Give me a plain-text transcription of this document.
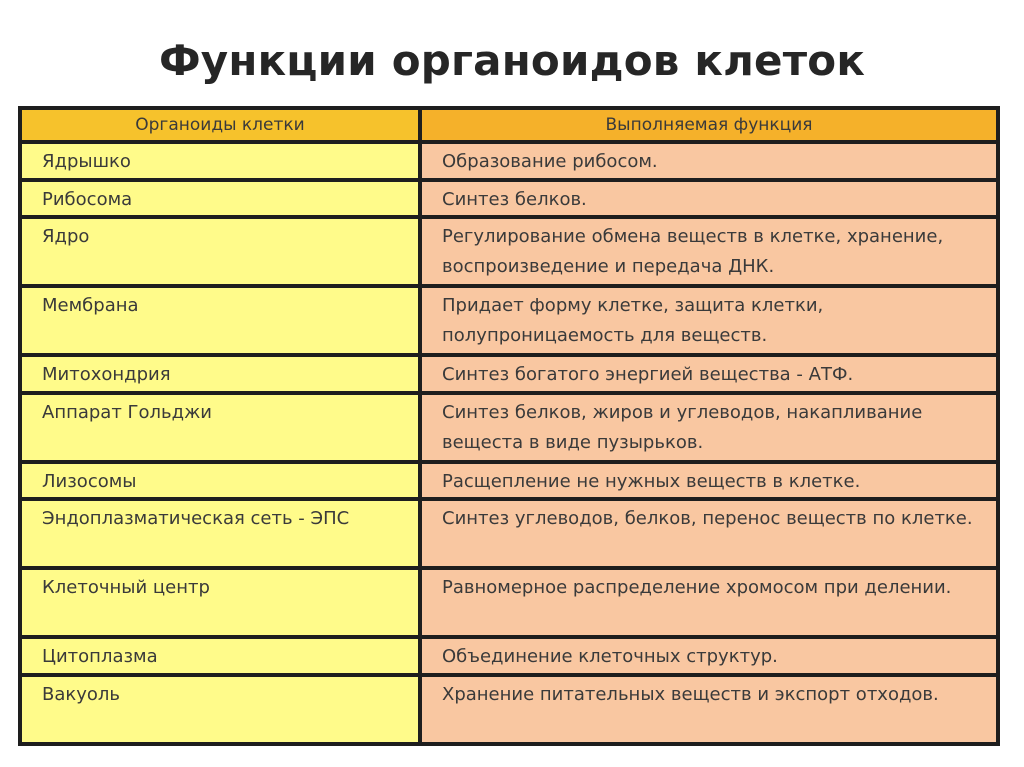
Функции органоидов клеток
Органоиды клетки	Выполняемая функция
Ядрышко	Образование рибосом.
Рибосома	Синтез белков.
Ядро	Регулирование обмена веществ в клетке, хранение, воспроизведение и передача ДНК.
Мембрана	Придает форму клетке, защита клетки, полупроницаемость для веществ.
Митохондрия	Синтез богатого энергией вещества - АТФ.
Аппарат Гольджи	Синтез белков, жиров и углеводов, накапливание вещеста в виде пузырьков.
Лизосомы	Расщепление не нужных веществ в клетке.
Эндоплазматическая сеть - ЭПС	Синтез углеводов, белков, перенос веществ по клетке.
Клеточный центр	Равномерное распределение хромосом при делении.
Цитоплазма	Объединение клеточных структур.
Вакуоль	Хранение питательных веществ и экспорт отходов.
